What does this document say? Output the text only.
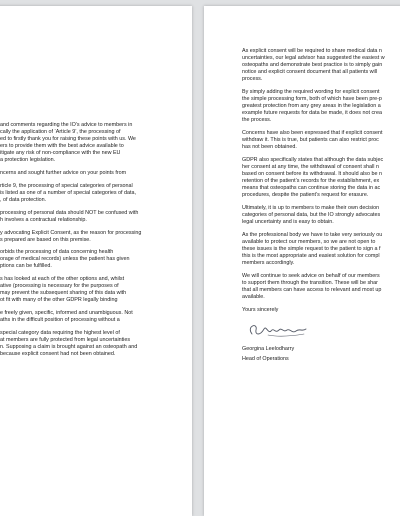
and comments regarding the IO’s advice to members in
cally the application of ‘Article 9’, the processing of
ed to firstly thank you for raising these points with us. We
ers to provide them with the best advice available to
itigate any risk of non-compliance with the new EU
a protection legislation.

ncerns and sought further advice on your points from

rticle 9, the processing of special categories of personal
is listed as one of a number of special categories of data,
, of data protection.

processing of personal data should NOT be confused with
h involves a contractual relationship.

y advocating Explicit Consent, as the reason for processing
s prepared are based on this premise.

orbids the processing of data concerning health
orage of medical records) unless the patient has given
ptions can be fulfilled.

s has looked at each of the other options and, whilst
ative (processing is necessary for the purposes of
may prevent the subsequent sharing of this data with
ot fit with many of the other GDPR legally binding

e freely given, specific, informed and unambiguous. Not
aths in the difficult position of processing without a

special category data requiring the highest level of
at members are fully protected from legal uncertainties
n. Supposing a claim is brought against an osteopath and
because explicit consent had not been obtained.

As explicit consent will be required to share medical data n
uncertainties, our legal advisor has suggested the easiest w
osteopaths and demonstrate best practice is to simply gain
notice and explicit consent document that all patients will
process.

By simply adding the required wording for explicit consent
the simple processing form, both of which have been pre-p
greatest protection from any grey areas in the legislation a
example future requests for data be made, it does not crea
the process.

Concerns have also been expressed that if explicit consent
withdraw it. This is true, but patients can also restrict proc
has not been obtained.

GDPR also specifically states that although the data subjec
her consent at any time, the withdrawal of consent shall n
based on consent before its withdrawal. It should also be n
retention of the patient’s records for the establishment, ex
means that osteopaths can continue storing the data in ac
procedures, despite the patient’s request for erasure.

Ultimately, it is up to members to make their own decision
categories of personal data, but the IO strongly advocates
legal uncertainty and is easy to obtain.

As the professional body we have to take very seriously ou
available to protect our members, so we are not open to
these issues is the simple request to the patient to sign a f
this is the most appropriate and easiest solution for compl
members accordingly.

We will continue to seek advice on behalf of our members
to support them through the transition. These will be shar
that all members can have access to relevant and most up
available.

Yours sincerely

Georgina Leelodharry

Head of Operations
